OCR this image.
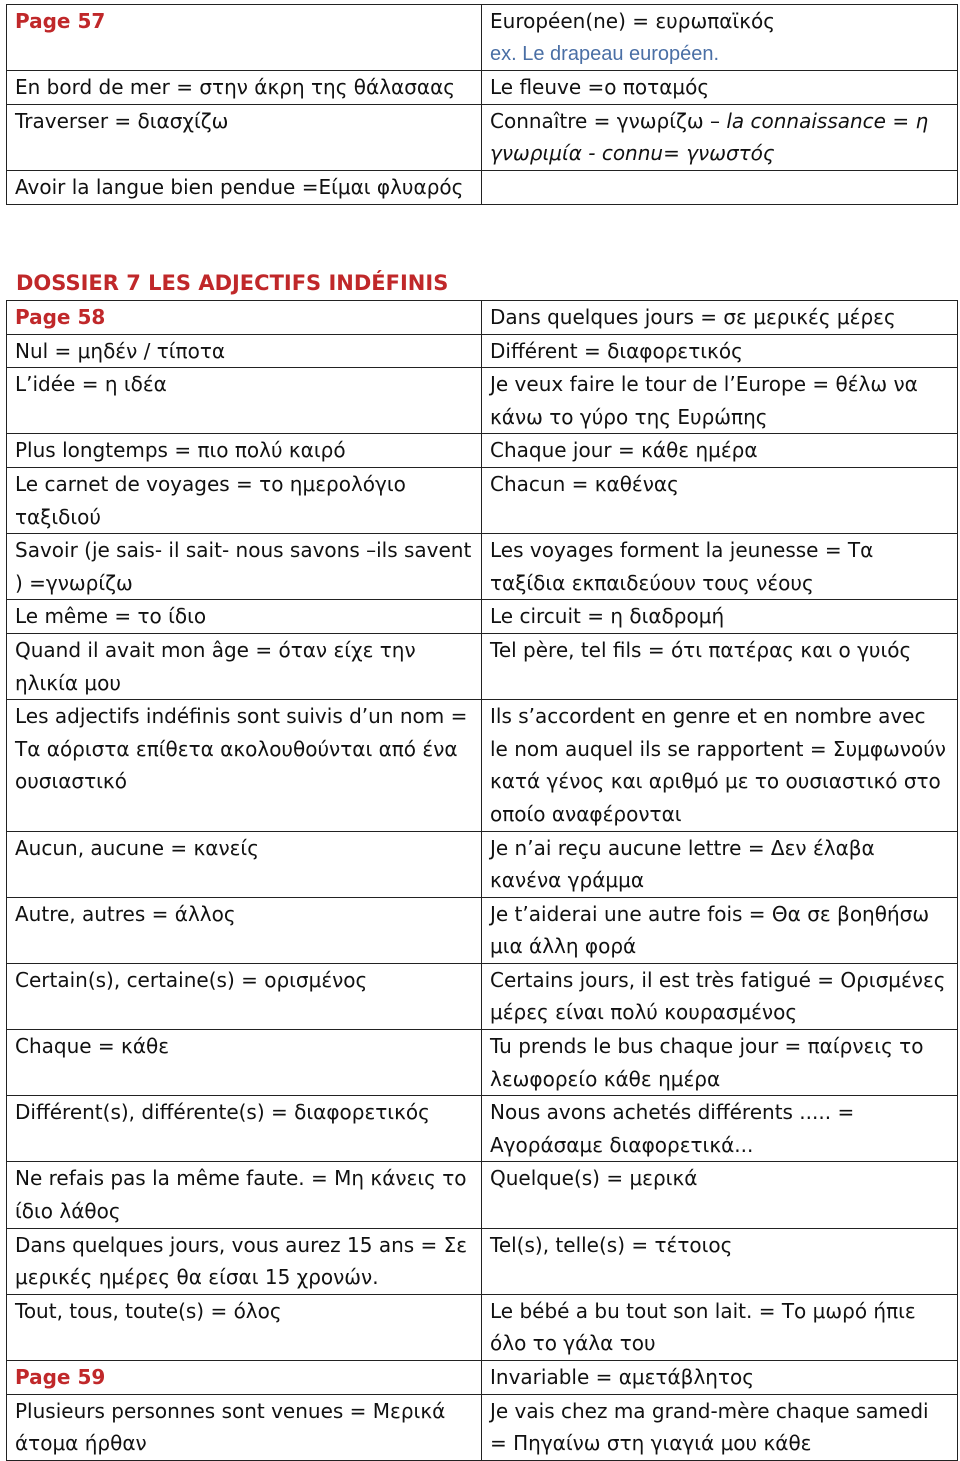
Page 57	Européen(ne) = ευρωπαϊκός
ex. Le drapeau européen.

En bord de mer = στην άκρη της θάλασαας	Le fleuve =ο ποταμός
Traverser = διασχίζω	Connaître = γνωρίζω – la connaissance = η γνωριμία - connu= γνωστός
Avoir la langue bien pendue =Είμαι φλυαρός	
DOSSIER 7 LES ADJECTIFS INDÉFINIS
Page 58	Dans quelques jours = σε μερικές μέρες
Nul = μηδέν / τίποτα	Différent = διαφορετικός
L’idée = η ιδέα	Je veux faire le tour de l’Europe = θέλω να κάνω το γύρο της Ευρώπης
Plus longtemps = πιο πολύ καιρό	Chaque jour = κάθε ημέρα
Le carnet de voyages = το ημερολόγιο ταξιδιού	Chacun = καθένας
Savoir (je sais- il sait- nous savons –ils savent ) =γνωρίζω	Les voyages forment la jeunesse = Τα ταξίδια εκπαιδεύουν τους νέους
Le même = το ίδιο	Le circuit = η διαδρομή
Quand il avait mon âge = όταν είχε την ηλικία μου	Tel père, tel fils = ότι πατέρας και ο γυιός
Les adjectifs indéfinis sont suivis d’un nom = Τα αόριστα επίθετα ακολουθούνται από ένα ουσιαστικό	Ils s’accordent en genre et en nombre avec le nom auquel ils se rapportent = Συμφωνούν κατά γένος και αριθμό με το ουσιαστικό στο οποίο αναφέρονται
Aucun, aucune = κανείς	Je n’ai reçu aucune lettre = Δεν έλαβα κανένα γράμμα
Autre, autres = άλλος	Je t’aiderai une autre fois = Θα σε βοηθήσω μια άλλη φορά
Certain(s), certaine(s) = ορισμένος	Certains jours, il est très fatigué = Ορισμένες μέρες είναι πολύ κουρασμένος
Chaque = κάθε	Tu prends le bus chaque jour = παίρνεις το λεωφορείο κάθε ημέρα
Différent(s), différente(s) = διαφορετικός	Nous avons achetés différents ..... = Αγοράσαμε διαφορετικά...
Ne refais pas la même faute. = Μη κάνεις το ίδιο λάθος	Quelque(s) = μερικά
Dans quelques jours, vous aurez 15 ans = Σε μερικές ημέρες θα είσαι 15 χρονών.	Tel(s), telle(s) = τέτοιος
Tout, tous, toute(s) = όλος	Le bébé a bu tout son lait. = Το μωρό ήπιε όλο το γάλα του
Page 59	Invariable = αμετάβλητος
Plusieurs personnes sont venues = Μερικά άτομα ήρθαν	Je vais chez ma grand-mère chaque samedi = Πηγαίνω στη γιαγιά μου κάθε
